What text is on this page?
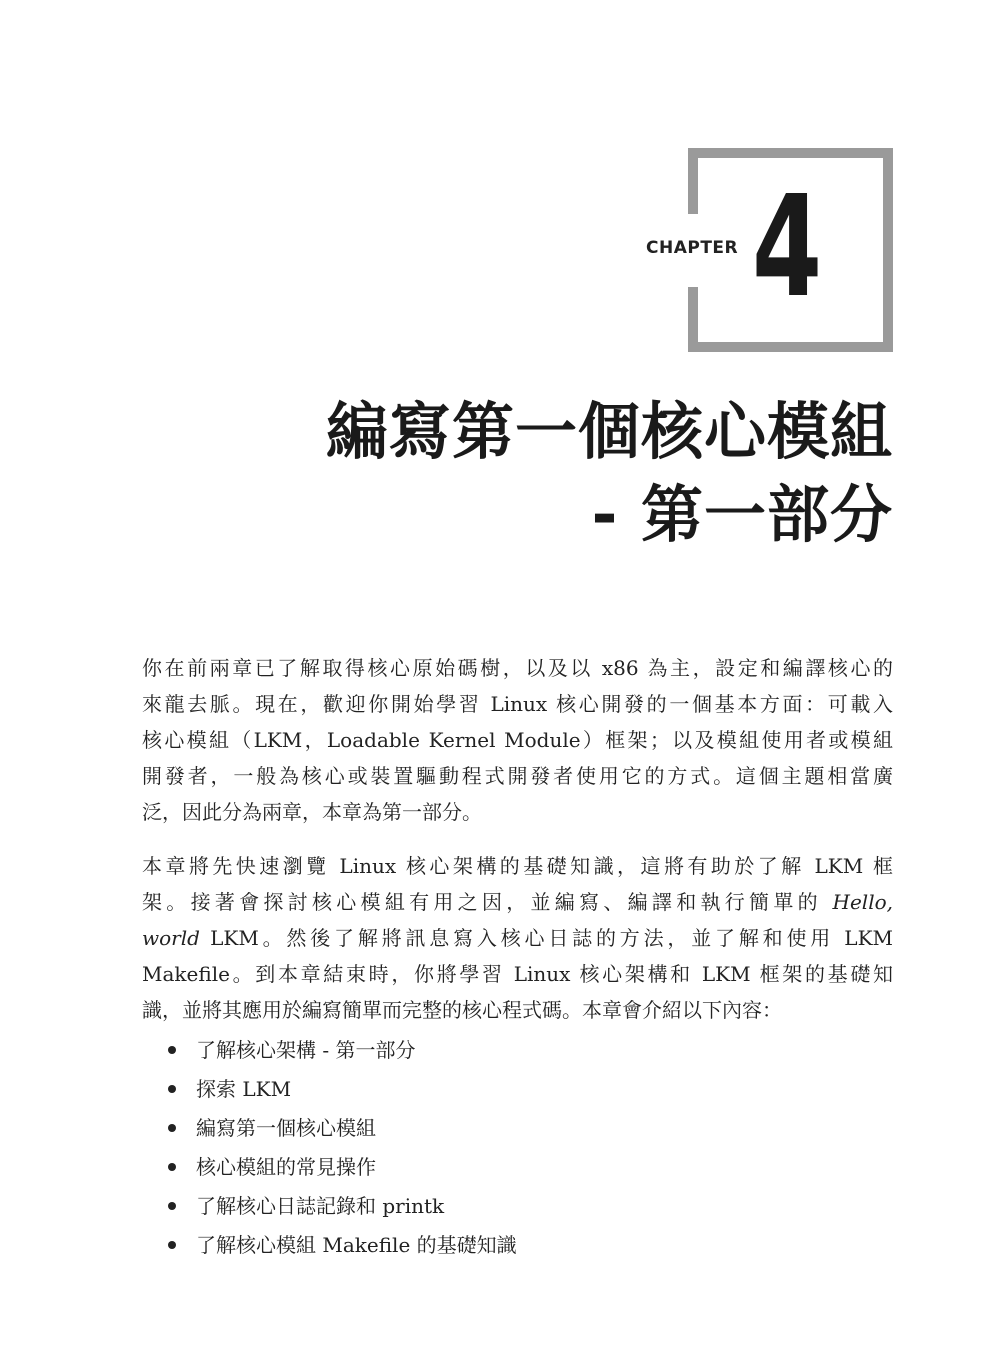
CHAPTER 4
編寫第一個核心模組
- 第一部分
你在前兩章已了解取得核心原始碼樹，以及以 x86 為主，設定和編譯核心的
來龍去脈。現在，歡迎你開始學習 Linux 核心開發的一個基本方面：可載入
核心模組（LKM，Loadable Kernel Module）框架；以及模組使用者或模組
開發者，一般為核心或裝置驅動程式開發者使用它的方式。這個主題相當廣
泛，因此分為兩章，本章為第一部分。
本章將先快速瀏覽 Linux 核心架構的基礎知識，這將有助於了解 LKM 框
架。接著會探討核心模組有用之因，並編寫、編譯和執行簡單的 Hello,
world LKM。然後了解將訊息寫入核心日誌的方法，並了解和使用 LKM
Makefile。到本章結束時，你將學習 Linux 核心架構和 LKM 框架的基礎知
識，並將其應用於編寫簡單而完整的核心程式碼。本章會介紹以下內容：
了解核心架構 - 第一部分
探索 LKM
編寫第一個核心模組
核心模組的常見操作
了解核心日誌記錄和 printk
了解核心模組 Makefile 的基礎知識
